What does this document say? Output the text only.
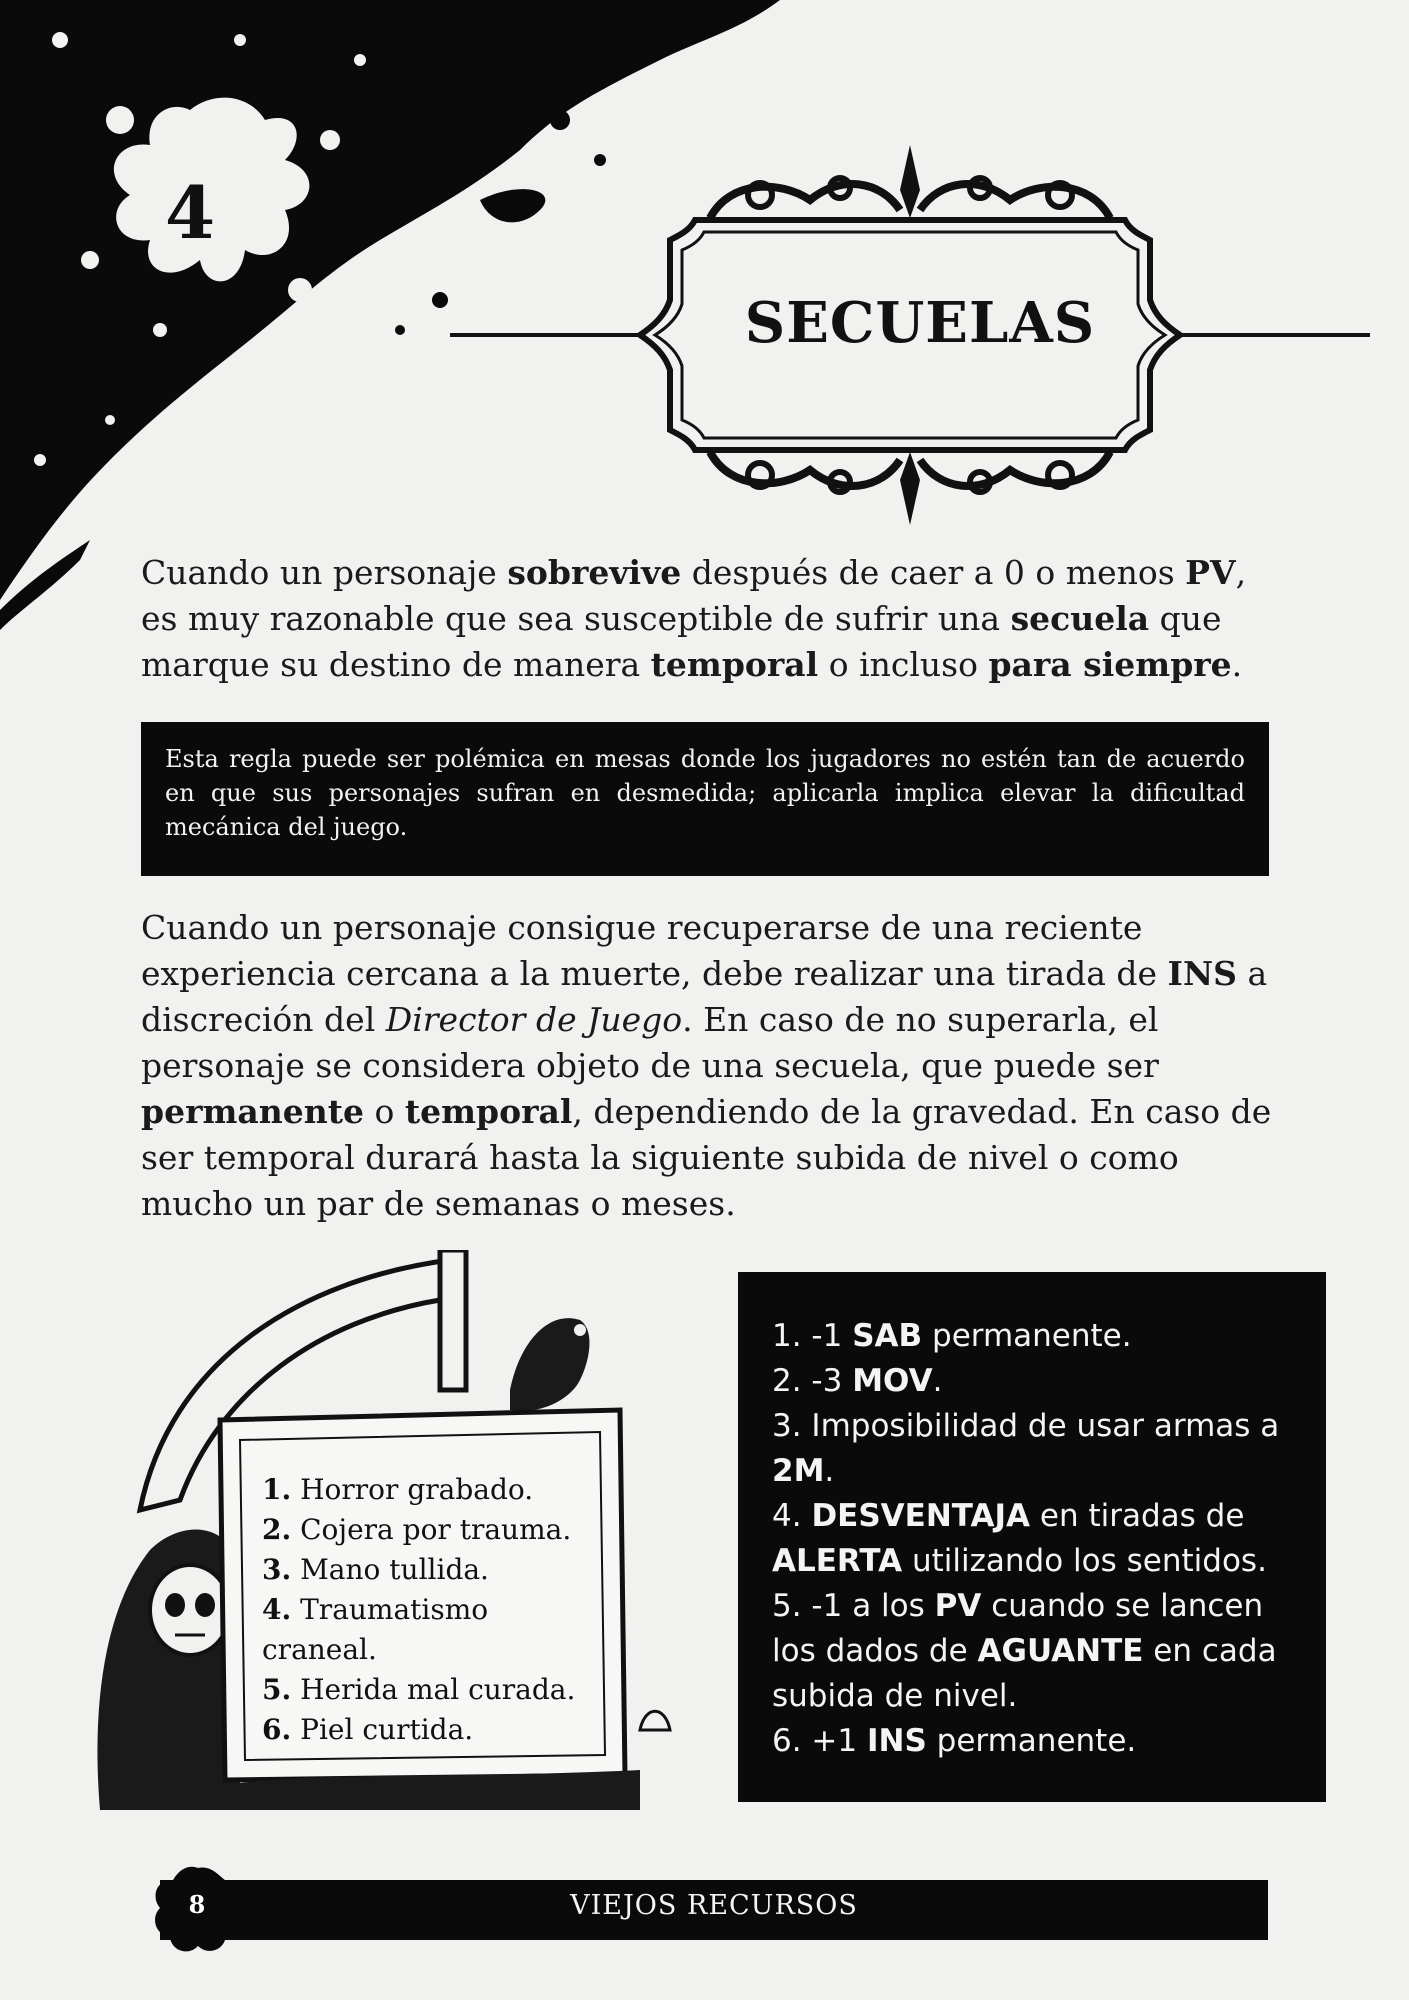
4
SECUELAS
Cuando un personaje sobrevive después de caer a 0 o menos PV, es muy razonable que sea susceptible de sufrir una secuela que marque su destino de manera temporal o incluso para siempre.
Esta regla puede ser polémica en mesas donde los jugadores no estén tan de acuerdo en que sus personajes sufran en desmedida; aplicarla implica elevar la dificultad mecánica del juego.
Cuando un personaje consigue recuperarse de una reciente experiencia cercana a la muerte, debe realizar una tirada de INS a discreción del Director de Juego. En caso de no superarla, el personaje se considera objeto de una secuela, que puede ser permanente o temporal, dependiendo de la gravedad. En caso de ser temporal durará hasta la siguiente subida de nivel o como mucho un par de semanas o meses.
1. Horror grabado.
2. Cojera por trauma.
3. Mano tullida.
4. Traumatismo craneal.
5. Herida mal curada.
6. Piel curtida.
1. -1 SAB permanente.
2. -3 MOV.
3. Imposibilidad de usar armas a 2M.
4. DESVENTAJA en tiradas de ALERTA utilizando los sentidos.
5. -1 a los PV cuando se lancen los dados de AGUANTE en cada subida de nivel.
6. +1 INS permanente.
8	VIEJOS RECURSOS
